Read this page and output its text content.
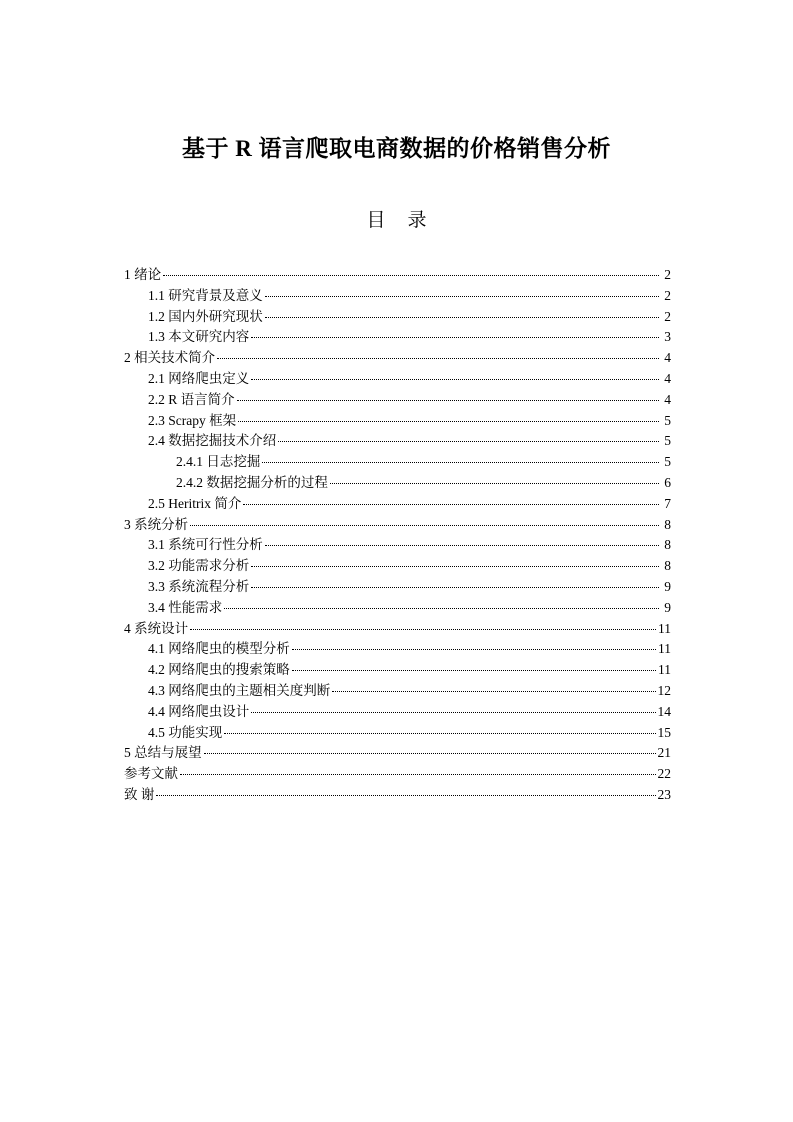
基于 R 语言爬取电商数据的价格销售分析
目 录
1 绪论	2
1.1 研究背景及意义	2
1.2 国内外研究现状	2
1.3 本文研究内容	3
2 相关技术简介	4
2.1 网络爬虫定义	4
2.2 R 语言简介	4
2.3 Scrapy 框架	5
2.4 数据挖掘技术介绍	5
2.4.1 日志挖掘	5
2.4.2 数据挖掘分析的过程	6
2.5 Heritrix 简介	7
3 系统分析	8
3.1 系统可行性分析	8
3.2 功能需求分析	8
3.3 系统流程分析	9
3.4 性能需求	9
4 系统设计	11
4.1 网络爬虫的模型分析	11
4.2 网络爬虫的搜索策略	11
4.3 网络爬虫的主题相关度判断	12
4.4 网络爬虫设计	14
4.5 功能实现	15
5 总结与展望	21
参考文献	22
致 谢	23
